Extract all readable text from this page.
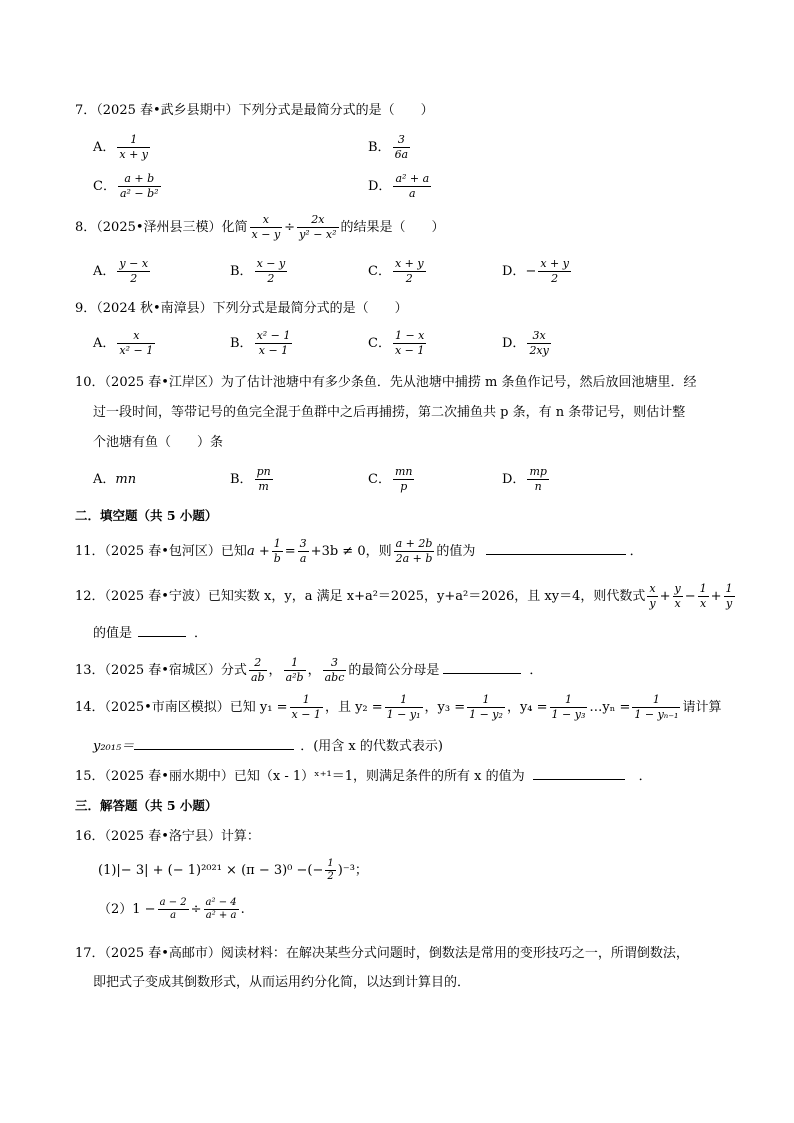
7．（2025 春•武乡县期中）下列分式是最简分式的是（　　）
A． $\frac{1}{x + y}$	B． $\frac{3}{6a}$
C． $\frac{a + b}{\text{a² − b²}}$	D． $\frac{\text{a² + a}}{a}$
8．（2025•泽州县三模）化简 $\frac{x}{x - y} \div \frac{2x}{\text{y² − x²}}$ 的结果是（　　）
A． $\frac{y - x}{2}$	B． $\frac{x - y}{2}$	C． $\frac{x + y}{2}$	D．− $\frac{x + y}{2}$
9．（2024 秋•南漳县）下列分式是最简分式的是（　　）
A． $\frac{x}{\text{x² − 1}}$	B． $\frac{\text{x² − 1}}{x - 1}$	C． $\frac{1 - x}{x - 1}$	D． $\frac{3x}{2xy}$
10．（2025 春•江岸区）为了估计池塘中有多少条鱼．先从池塘中捕捞 m 条鱼作记号，然后放回池塘里．经
过一段时间，等带记号的鱼完全混于鱼群中之后再捕捞，第二次捕鱼共 p 条，有 n 条带记号，则估计整
个池塘有鱼（　　）条
A．mn	B． $\frac{pn}{m}$	C． $\frac{mn}{p}$	D． $\frac{mp}{n}$
二．填空题（共 5 小题）
11．（2025 春•包河区）已知$a + \frac{1}{b} = \frac{3}{a} +3b \ne 0$，则 $\frac{a + 2b}{2a + b}$ 的值为	．
12．（2025 春•宁波）已知实数 x，y，a 满足 x+a²＝2025，y+a²＝2026，且 xy＝4，则代数式 $\frac{x}{y} + \frac{y}{x} - \frac{1}{x} + \frac{1}{y}$
的值是	．
13．（2025 春•宿城区）分式 $\frac{2}{ab}$ ， $\frac{1}{\text{a²b}}$ ， $\frac{3}{\text{abc}}$ 的最简公分母是	．
14．（2025•市南区模拟）已知 $y_1 = \frac{1}{x - 1}$ ，且 $y_2 = \frac{1}{\text{1 − y₁}}$ ，$y_3 = \frac{1}{\text{1 − y₂}}$ ，$y_4 = \frac{1}{\text{1 − y₃}}$ …yₙ = $\frac{1}{\text{1 − yₙ₋₁}}$ 请计算
y₂₀₁₅＝	．(用含 x 的代数式表示)
15．（2025 春•丽水期中）已知（x - 1）ˣ⁺¹＝1，则满足条件的所有 x 的值为	．
三．解答题（共 5 小题）
16．（2025 春•洛宁县）计算：
(1)|− 3| + (− 1)²⁰²¹ × (π − 3)⁰ −(− $\frac{1}{2} )^{-3}$；
$(2)1 - \frac{a - 2}{a} \div \frac{\text{a² − 4}}{\text{a² + a}}$ .
17．（2025 春•高邮市）阅读材料：在解决某些分式问题时，倒数法是常用的变形技巧之一，所谓倒数法，
即把式子变成其倒数形式，从而运用约分化简，以达到计算目的．
